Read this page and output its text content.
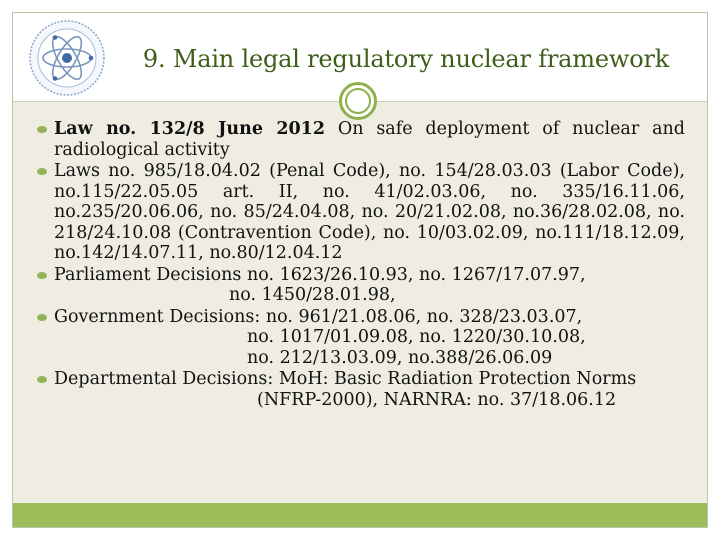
9. Main legal regulatory nuclear framework
Law no. 132/8 June 2012 On safe deployment of nuclear and radiological activity
Laws no. 985/18.04.02 (Penal Code), no. 154/28.03.03 (Labor Code), no.115/22.05.05 art. II, no. 41/02.03.06, no. 335/16.11.06, no.235/20.06.06, no. 85/24.04.08, no. 20/21.02.08, no.36/28.02.08, no. 218/24.10.08 (Contravention Code), no. 10/03.02.09, no.111/18.12.09, no.142/14.07.11, no.80/12.04.12
Parliament Decisions no. 1623/26.10.93, no. 1267/17.07.97,
no. 1450/28.01.98,
Government Decisions: no. 961/21.08.06, no. 328/23.03.07,
no. 1017/01.09.08, no. 1220/30.10.08,
no. 212/13.03.09, no.388/26.06.09
Departmental Decisions: MoH: Basic Radiation Protection Norms
(NFRP-2000), NARNRA: no. 37/18.06.12
